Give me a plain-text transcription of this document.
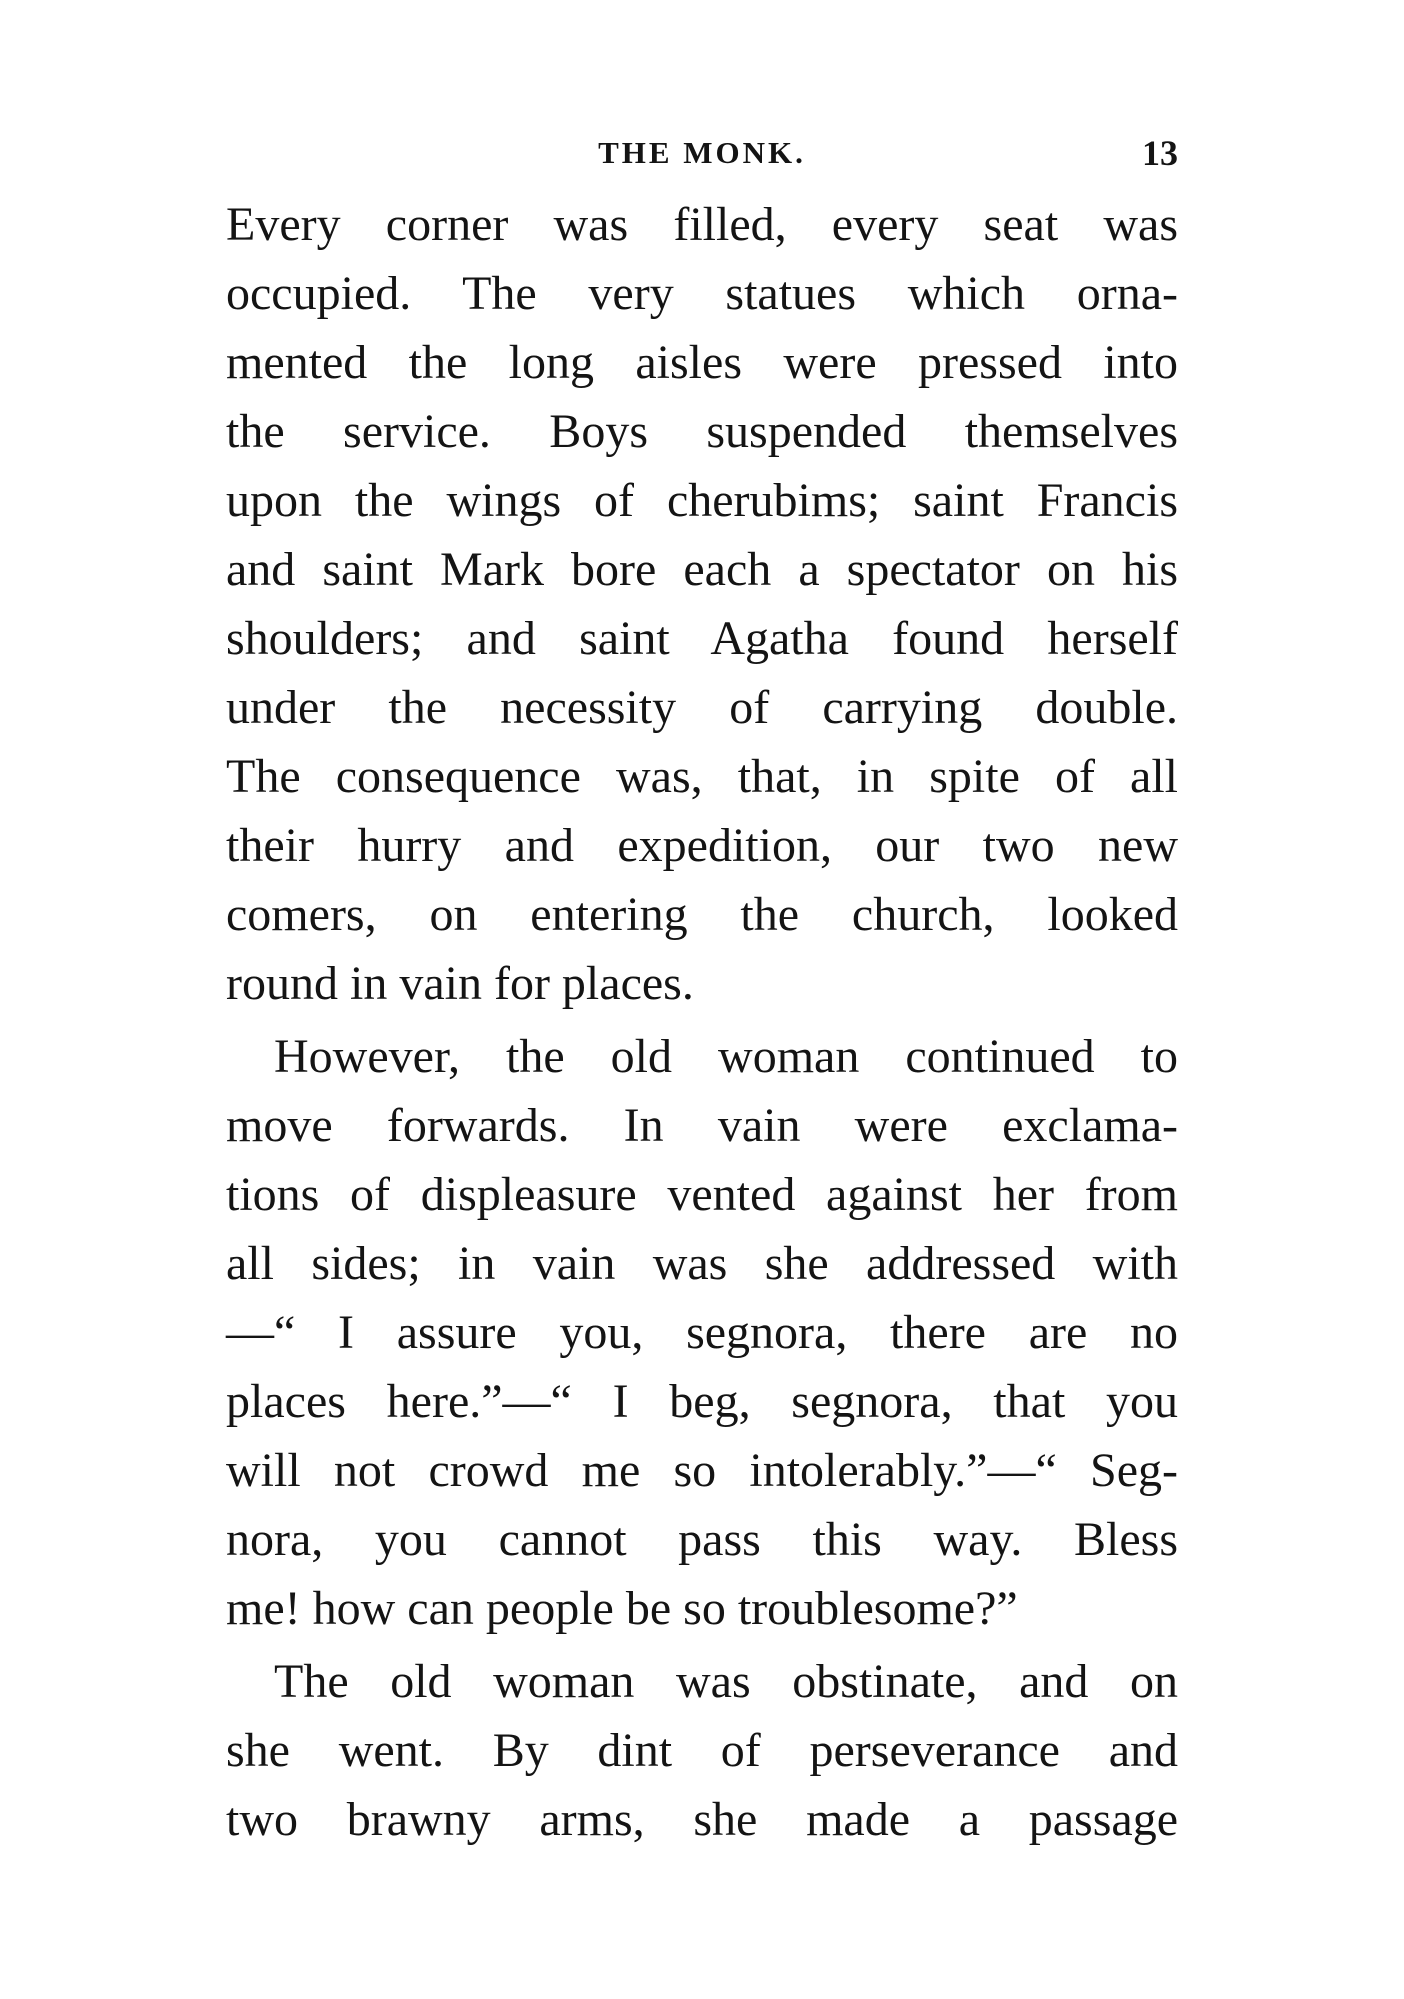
THE MONK.	13
Every corner was filled, every seat was
occupied. The very statues which orna-
mented the long aisles were pressed into
the service. Boys suspended themselves
upon the wings of cherubims; saint Francis
and saint Mark bore each a spectator on his
shoulders; and saint Agatha found herself
under the necessity of carrying double.
The consequence was, that, in spite of all
their hurry and expedition, our two new
comers, on entering the church, looked
round in vain for places.
However, the old woman continued to
move forwards. In vain were exclama-
tions of displeasure vented against her from
all sides; in vain was she addressed with
—“ I assure you, segnora, there are no
places here.”—“ I beg, segnora, that you
will not crowd me so intolerably.”—“ Seg-
nora, you cannot pass this way. Bless
me! how can people be so troublesome?”
The old woman was obstinate, and on
she went. By dint of perseverance and
two brawny arms, she made a passage
